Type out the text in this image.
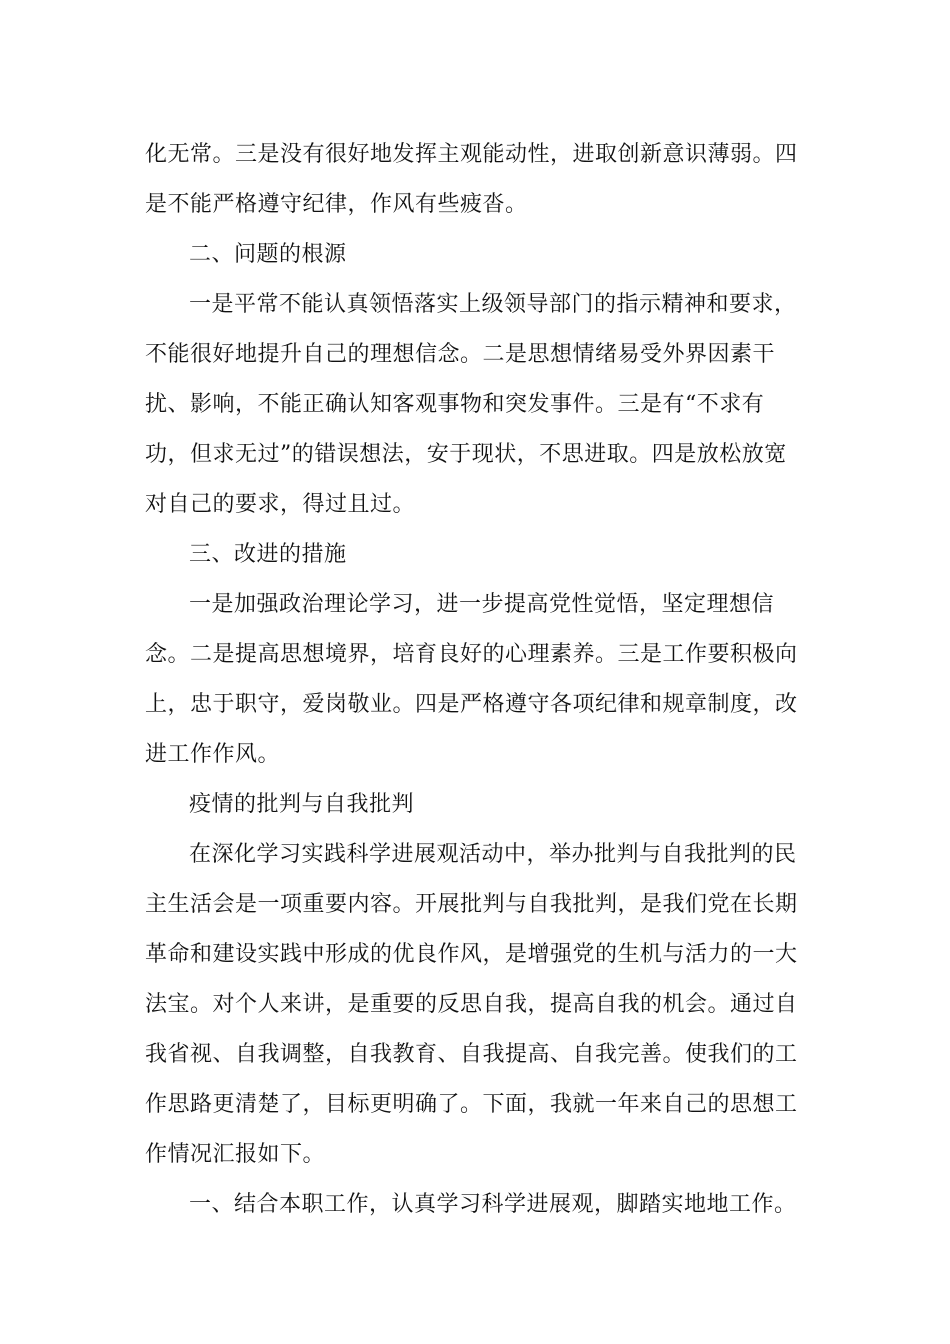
化无常。三是没有很好地发挥主观能动性，进取创新意识薄弱。四是不能严格遵守纪律，作风有些疲沓。

二、问题的根源

一是平常不能认真领悟落实上级领导部门的指示精神和要求，不能很好地提升自己的理想信念。二是思想情绪易受外界因素干扰、影响，不能正确认知客观事物和突发事件。三是有“不求有功，但求无过”的错误想法，安于现状，不思进取。四是放松放宽对自己的要求，得过且过。

三、改进的措施

一是加强政治理论学习，进一步提高党性觉悟，坚定理想信念。二是提高思想境界，培育良好的心理素养。三是工作要积极向上，忠于职守，爱岗敬业。四是严格遵守各项纪律和规章制度，改进工作作风。

疫情的批判与自我批判

在深化学习实践科学进展观活动中，举办批判与自我批判的民主生活会是一项重要内容。开展批判与自我批判，是我们党在长期革命和建设实践中形成的优良作风，是增强党的生机与活力的一大法宝。对个人来讲，是重要的反思自我，提高自我的机会。通过自我省视、自我调整，自我教育、自我提高、自我完善。使我们的工作思路更清楚了，目标更明确了。下面，我就一年来自己的思想工作情况汇报如下。

一、结合本职工作，认真学习科学进展观，脚踏实地地工作。
